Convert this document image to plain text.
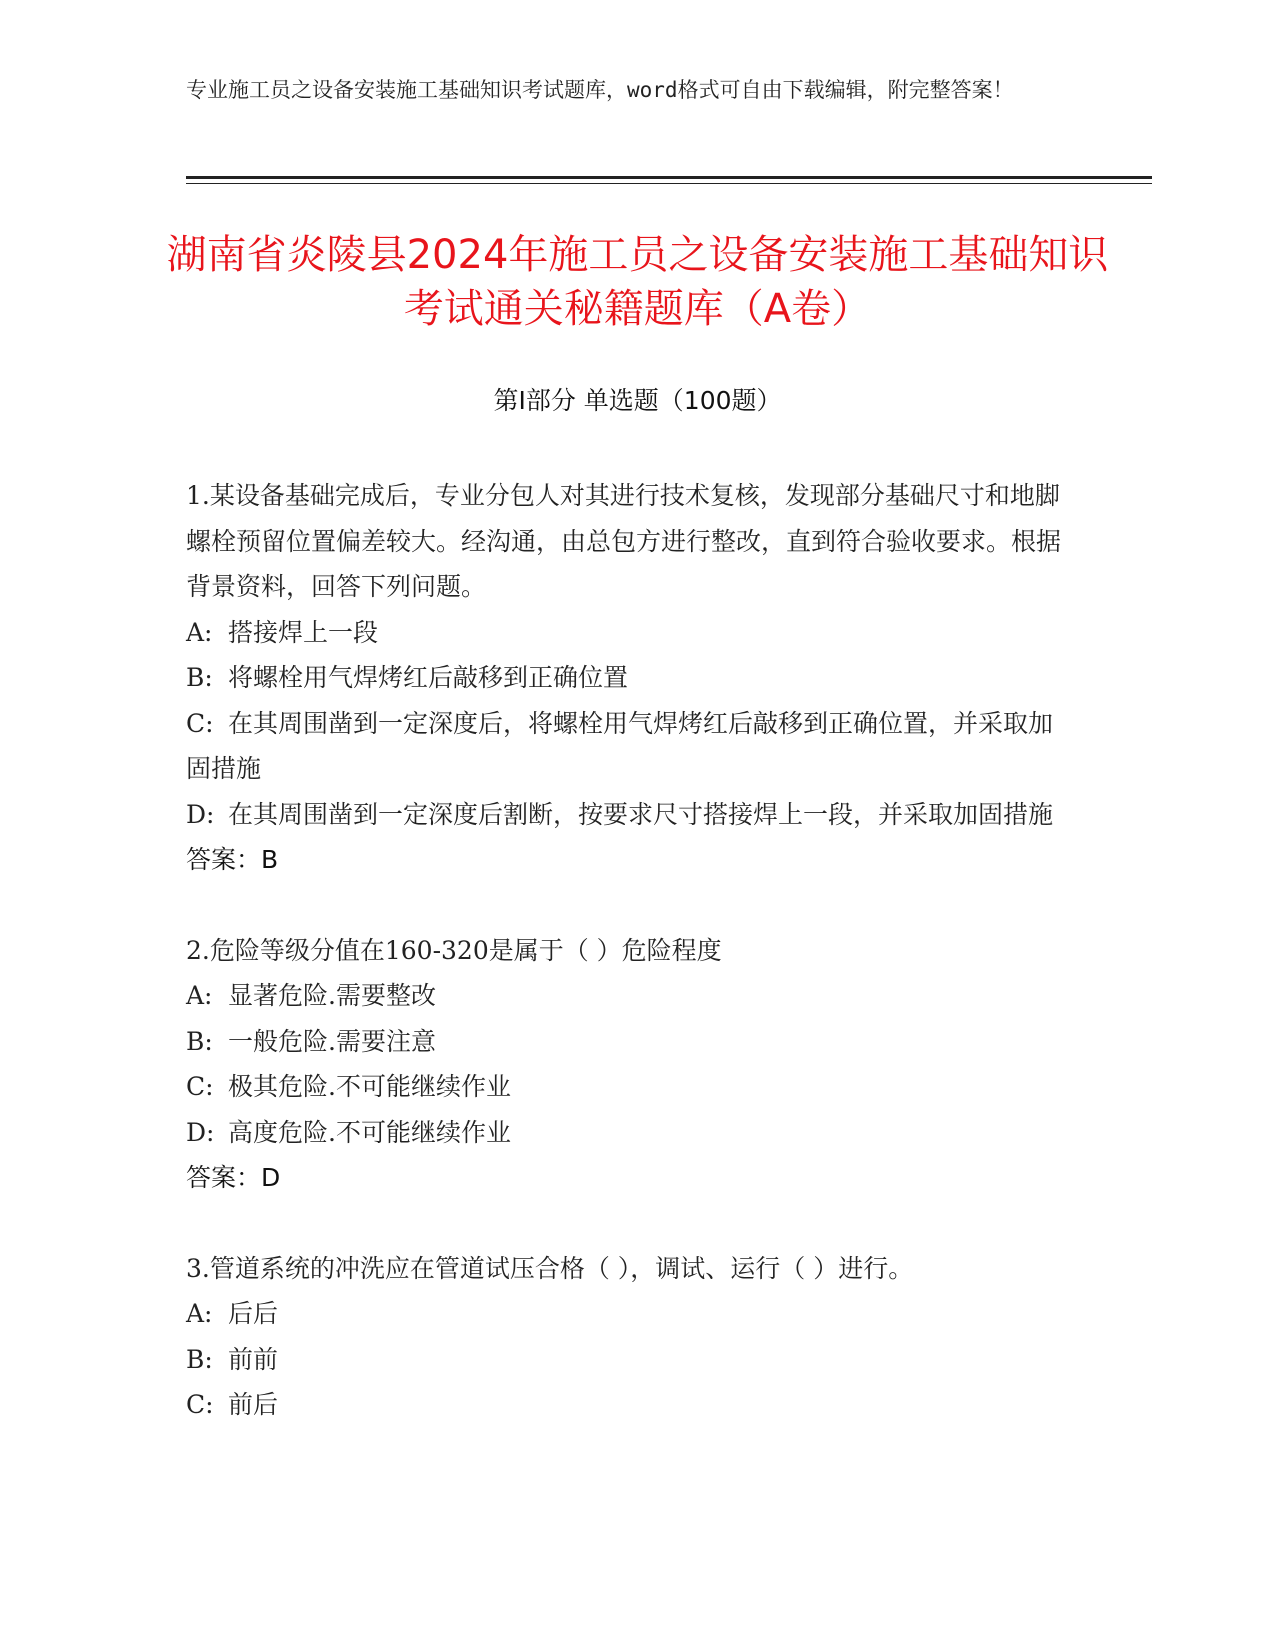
专业施工员之设备安装施工基础知识考试题库，word格式可自由下载编辑，附完整答案！
湖南省炎陵县2024年施工员之设备安装施工基础知识考试通关秘籍题库（A卷）
第Ⅰ部分 单选题（100题）

1.某设备基础完成后，专业分包人对其进行技术复核，发现部分基础尺寸和地脚螺栓预留位置偏差较大。经沟通，由总包方进行整改，直到符合验收要求。根据背景资料，回答下列问题。

A: 搭接焊上一段

B: 将螺栓用气焊烤红后敲移到正确位置

C: 在其周围凿到一定深度后，将螺栓用气焊烤红后敲移到正确位置，并采取加固措施

D: 在其周围凿到一定深度后割断，按要求尺寸搭接焊上一段，并采取加固措施

答案：B

2.危险等级分值在160-320是属于（ ）危险程度

A: 显著危险.需要整改

B: 一般危险.需要注意

C: 极其危险.不可能继续作业

D: 高度危险.不可能继续作业

答案：D

3.管道系统的冲洗应在管道试压合格（ ），调试、运行（ ）进行。

A: 后后

B: 前前

C: 前后
